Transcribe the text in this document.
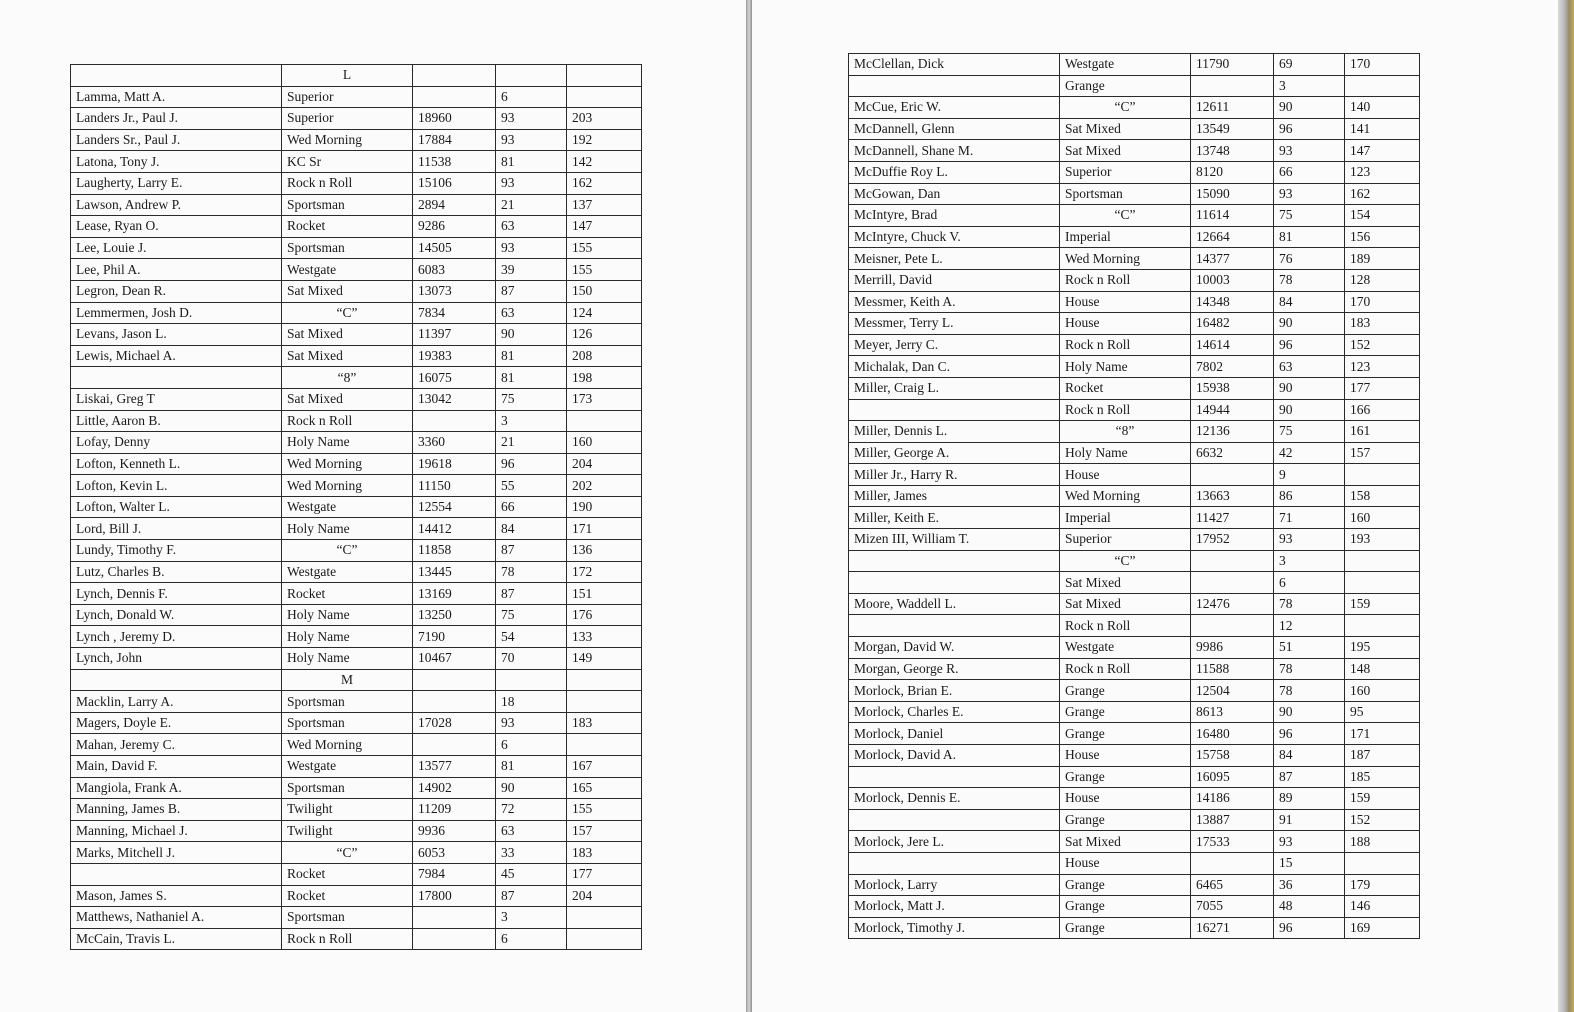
	L			
Lamma, Matt A.	Superior		6	
Landers Jr., Paul J.	Superior	18960	93	203
Landers Sr., Paul J.	Wed Morning	17884	93	192
Latona, Tony J.	KC Sr	11538	81	142
Laugherty, Larry E.	Rock n Roll	15106	93	162
Lawson, Andrew P.	Sportsman	2894	21	137
Lease, Ryan O.	Rocket	9286	63	147
Lee, Louie J.	Sportsman	14505	93	155
Lee, Phil A.	Westgate	6083	39	155
Legron, Dean R.	Sat Mixed	13073	87	150
Lemmermen, Josh D.	“C”	7834	63	124
Levans, Jason L.	Sat Mixed	11397	90	126
Lewis, Michael A.	Sat Mixed	19383	81	208
	“8”	16075	81	198
Liskai, Greg T	Sat Mixed	13042	75	173
Little, Aaron B.	Rock n Roll		3	
Lofay, Denny	Holy Name	3360	21	160
Lofton, Kenneth L.	Wed Morning	19618	96	204
Lofton, Kevin L.	Wed Morning	11150	55	202
Lofton, Walter L.	Westgate	12554	66	190
Lord, Bill J.	Holy Name	14412	84	171
Lundy, Timothy F.	“C”	11858	87	136
Lutz, Charles B.	Westgate	13445	78	172
Lynch, Dennis F.	Rocket	13169	87	151
Lynch, Donald W.	Holy Name	13250	75	176
Lynch , Jeremy D.	Holy Name	7190	54	133
Lynch, John	Holy Name	10467	70	149
	M			
Macklin, Larry A.	Sportsman		18	
Magers, Doyle E.	Sportsman	17028	93	183
Mahan, Jeremy C.	Wed Morning		6	
Main, David F.	Westgate	13577	81	167
Mangiola, Frank A.	Sportsman	14902	90	165
Manning, James B.	Twilight	11209	72	155
Manning, Michael J.	Twilight	9936	63	157
Marks, Mitchell J.	“C”	6053	33	183
	Rocket	7984	45	177
Mason, James S.	Rocket	17800	87	204
Matthews, Nathaniel A.	Sportsman		3	
McCain, Travis L.	Rock n Roll		6	
McClellan, Dick	Westgate	11790	69	170
	Grange		3	
McCue, Eric W.	“C”	12611	90	140
McDannell, Glenn	Sat Mixed	13549	96	141
McDannell, Shane M.	Sat Mixed	13748	93	147
McDuffie Roy L.	Superior	8120	66	123
McGowan, Dan	Sportsman	15090	93	162
McIntyre, Brad	“C”	11614	75	154
McIntyre, Chuck V.	Imperial	12664	81	156
Meisner, Pete L.	Wed Morning	14377	76	189
Merrill, David	Rock n Roll	10003	78	128
Messmer, Keith A.	House	14348	84	170
Messmer, Terry L.	House	16482	90	183
Meyer, Jerry C.	Rock n Roll	14614	96	152
Michalak, Dan C.	Holy Name	7802	63	123
Miller, Craig L.	Rocket	15938	90	177
	Rock n Roll	14944	90	166
Miller, Dennis L.	“8”	12136	75	161
Miller, George A.	Holy Name	6632	42	157
Miller Jr., Harry R.	House		9	
Miller, James	Wed Morning	13663	86	158
Miller, Keith E.	Imperial	11427	71	160
Mizen III, William T.	Superior	17952	93	193
	“C”		3	
	Sat Mixed		6	
Moore, Waddell L.	Sat Mixed	12476	78	159
	Rock n Roll		12	
Morgan, David W.	Westgate	9986	51	195
Morgan, George R.	Rock n Roll	11588	78	148
Morlock, Brian E.	Grange	12504	78	160
Morlock, Charles E.	Grange	8613	90	95
Morlock, Daniel	Grange	16480	96	171
Morlock, David A.	House	15758	84	187
	Grange	16095	87	185
Morlock, Dennis E.	House	14186	89	159
	Grange	13887	91	152
Morlock, Jere L.	Sat Mixed	17533	93	188
	House		15	
Morlock, Larry	Grange	6465	36	179
Morlock, Matt J.	Grange	7055	48	146
Morlock, Timothy J.	Grange	16271	96	169
